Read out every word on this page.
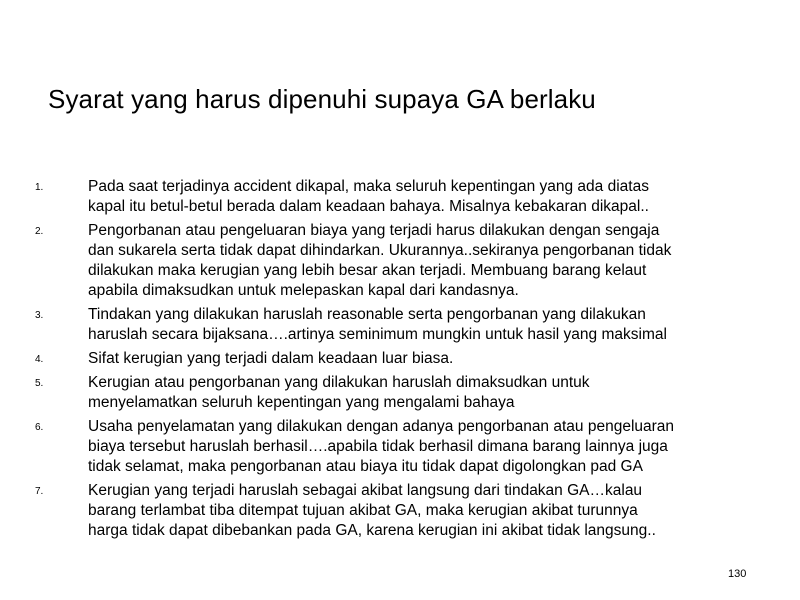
Syarat yang harus dipenuhi supaya GA berlaku
1.	Pada saat terjadinya accident dikapal, maka seluruh kepentingan yang ada diatas
kapal itu betul-betul berada dalam keadaan bahaya. Misalnya kebakaran dikapal..
2.	Pengorbanan atau pengeluaran biaya yang terjadi harus dilakukan dengan sengaja
dan sukarela serta tidak dapat dihindarkan. Ukurannya..sekiranya pengorbanan tidak
dilakukan maka kerugian yang lebih besar akan terjadi. Membuang barang kelaut
apabila dimaksudkan untuk melepaskan kapal dari kandasnya.
3.	Tindakan yang dilakukan haruslah reasonable serta pengorbanan yang dilakukan
haruslah secara bijaksana….artinya seminimum mungkin untuk hasil yang maksimal
4.	Sifat kerugian yang terjadi dalam keadaan luar biasa.
5.	Kerugian atau pengorbanan yang dilakukan haruslah dimaksudkan untuk
menyelamatkan seluruh kepentingan yang mengalami bahaya
6.	Usaha penyelamatan yang dilakukan dengan adanya pengorbanan atau pengeluaran
biaya tersebut haruslah berhasil….apabila tidak berhasil dimana barang lainnya juga
tidak selamat, maka pengorbanan atau biaya itu tidak dapat digolongkan pad GA
7.	Kerugian yang terjadi haruslah sebagai akibat langsung dari tindakan GA…kalau
barang terlambat tiba ditempat tujuan akibat GA, maka kerugian akibat turunnya
harga tidak dapat dibebankan pada GA, karena kerugian ini akibat tidak langsung..
130
